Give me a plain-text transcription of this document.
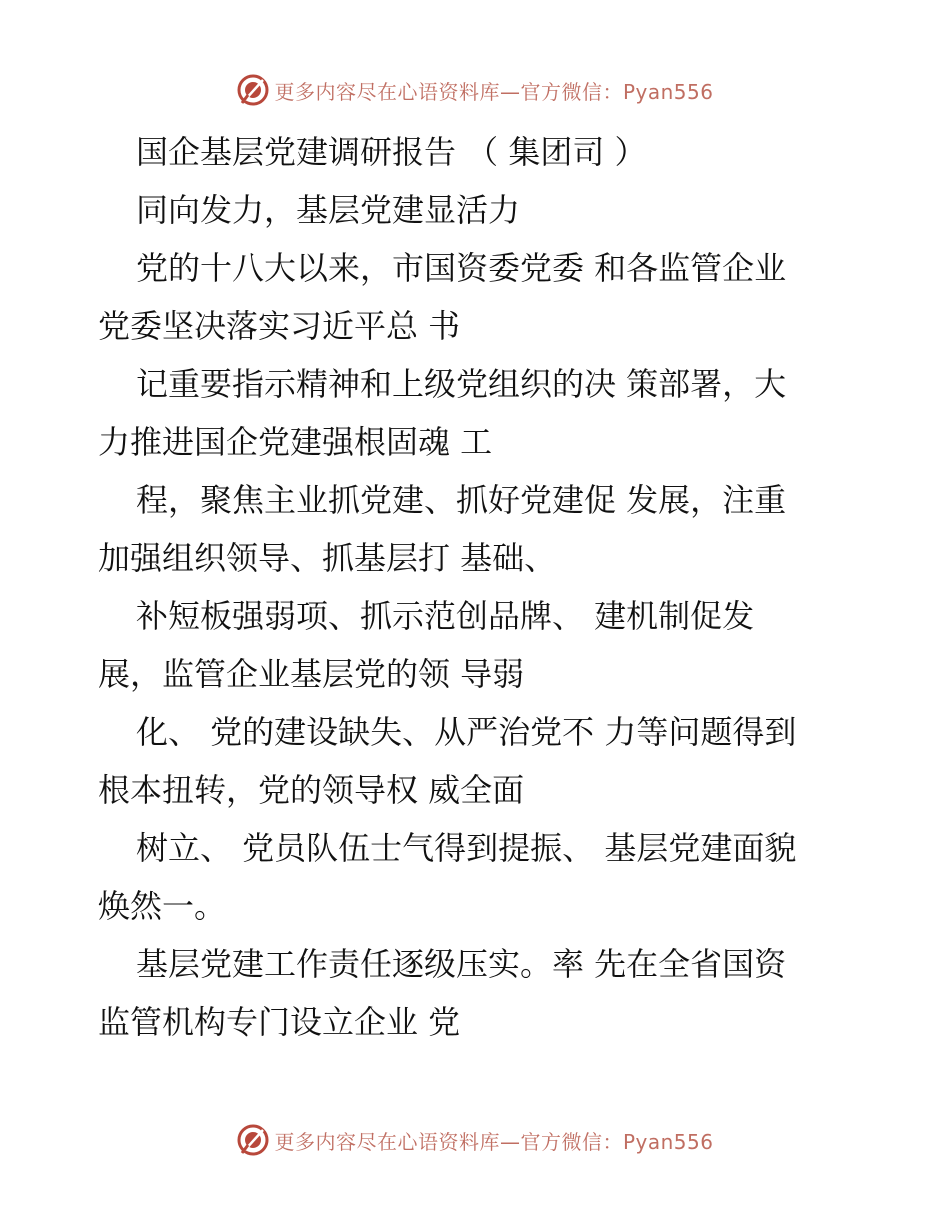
更多内容尽在心语资料库—官方微信：Pyan556
国企基层党建调研报告 （ 集团司 ）
同向发力，基层党建显活力
党的十八大以来，市国资委党委 和各监管企业
党委坚决落实习近平总 书
记重要指示精神和上级党组织的决 策部署，大
力推进国企党建强根固魂 工
程，聚焦主业抓党建、抓好党建促 发展，注重
加强组织领导、抓基层打 基础、
补短板强弱项、抓示范创品牌、 建机制促发
展，监管企业基层党的领 导弱
化、 党的建设缺失、从严治党不 力等问题得到
根本扭转，党的领导权 威全面
树立、 党员队伍士气得到提振、 基层党建面貌
焕然一。
基层党建工作责任逐级压实。率 先在全省国资
监管机构专门设立企业 党
更多内容尽在心语资料库—官方微信：Pyan556
